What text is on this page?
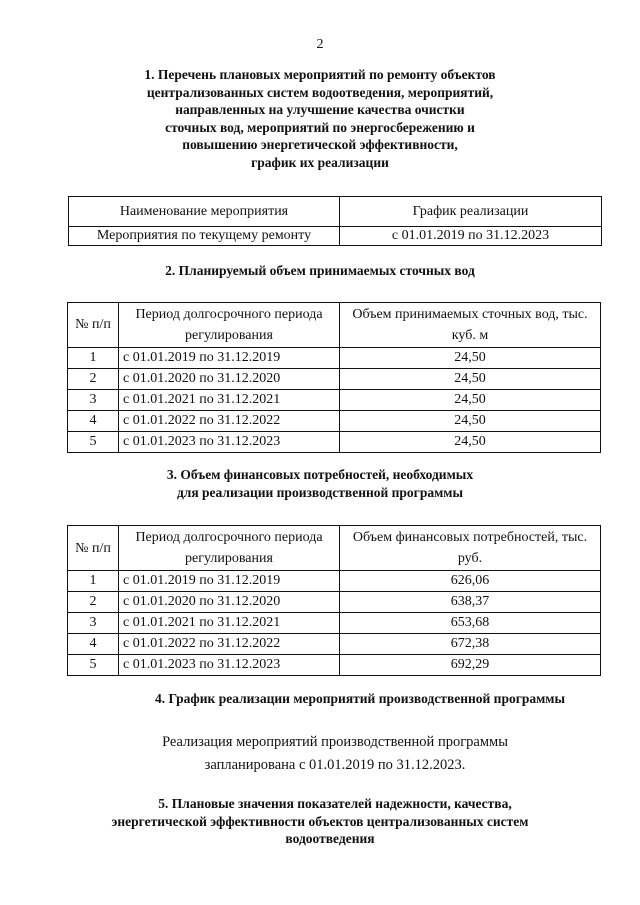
2
1. Перечень плановых мероприятий по ремонту объектов
централизованных систем водоотведения, мероприятий,
направленных на улучшение качества очистки
сточных вод, мероприятий по энергосбережению и
повышению энергетической эффективности,
график их реализации
Наименование мероприятия	График реализации
Мероприятия по текущему ремонту	с 01.01.2019 по 31.12.2023
2. Планируемый объем принимаемых сточных вод
№ п/п	Период долгосрочного периода регулирования	Объем принимаемых сточных вод, тыс. куб. м
1	с 01.01.2019 по 31.12.2019	24,50
2	с 01.01.2020 по 31.12.2020	24,50
3	с 01.01.2021 по 31.12.2021	24,50
4	с 01.01.2022 по 31.12.2022	24,50
5	с 01.01.2023 по 31.12.2023	24,50
3. Объем финансовых потребностей, необходимых
для реализации производственной программы
№ п/п	Период долгосрочного периода регулирования	Объем финансовых потребностей, тыс. руб.
1	с 01.01.2019 по 31.12.2019	626,06
2	с 01.01.2020 по 31.12.2020	638,37
3	с 01.01.2021 по 31.12.2021	653,68
4	с 01.01.2022 по 31.12.2022	672,38
5	с 01.01.2023 по 31.12.2023	692,29
4. График реализации мероприятий производственной программы
Реализация мероприятий производственной программы
запланирована с 01.01.2019 по 31.12.2023.
5. Плановые значения показателей надежности, качества,
энергетической эффективности объектов централизованных систем
водоотведения
